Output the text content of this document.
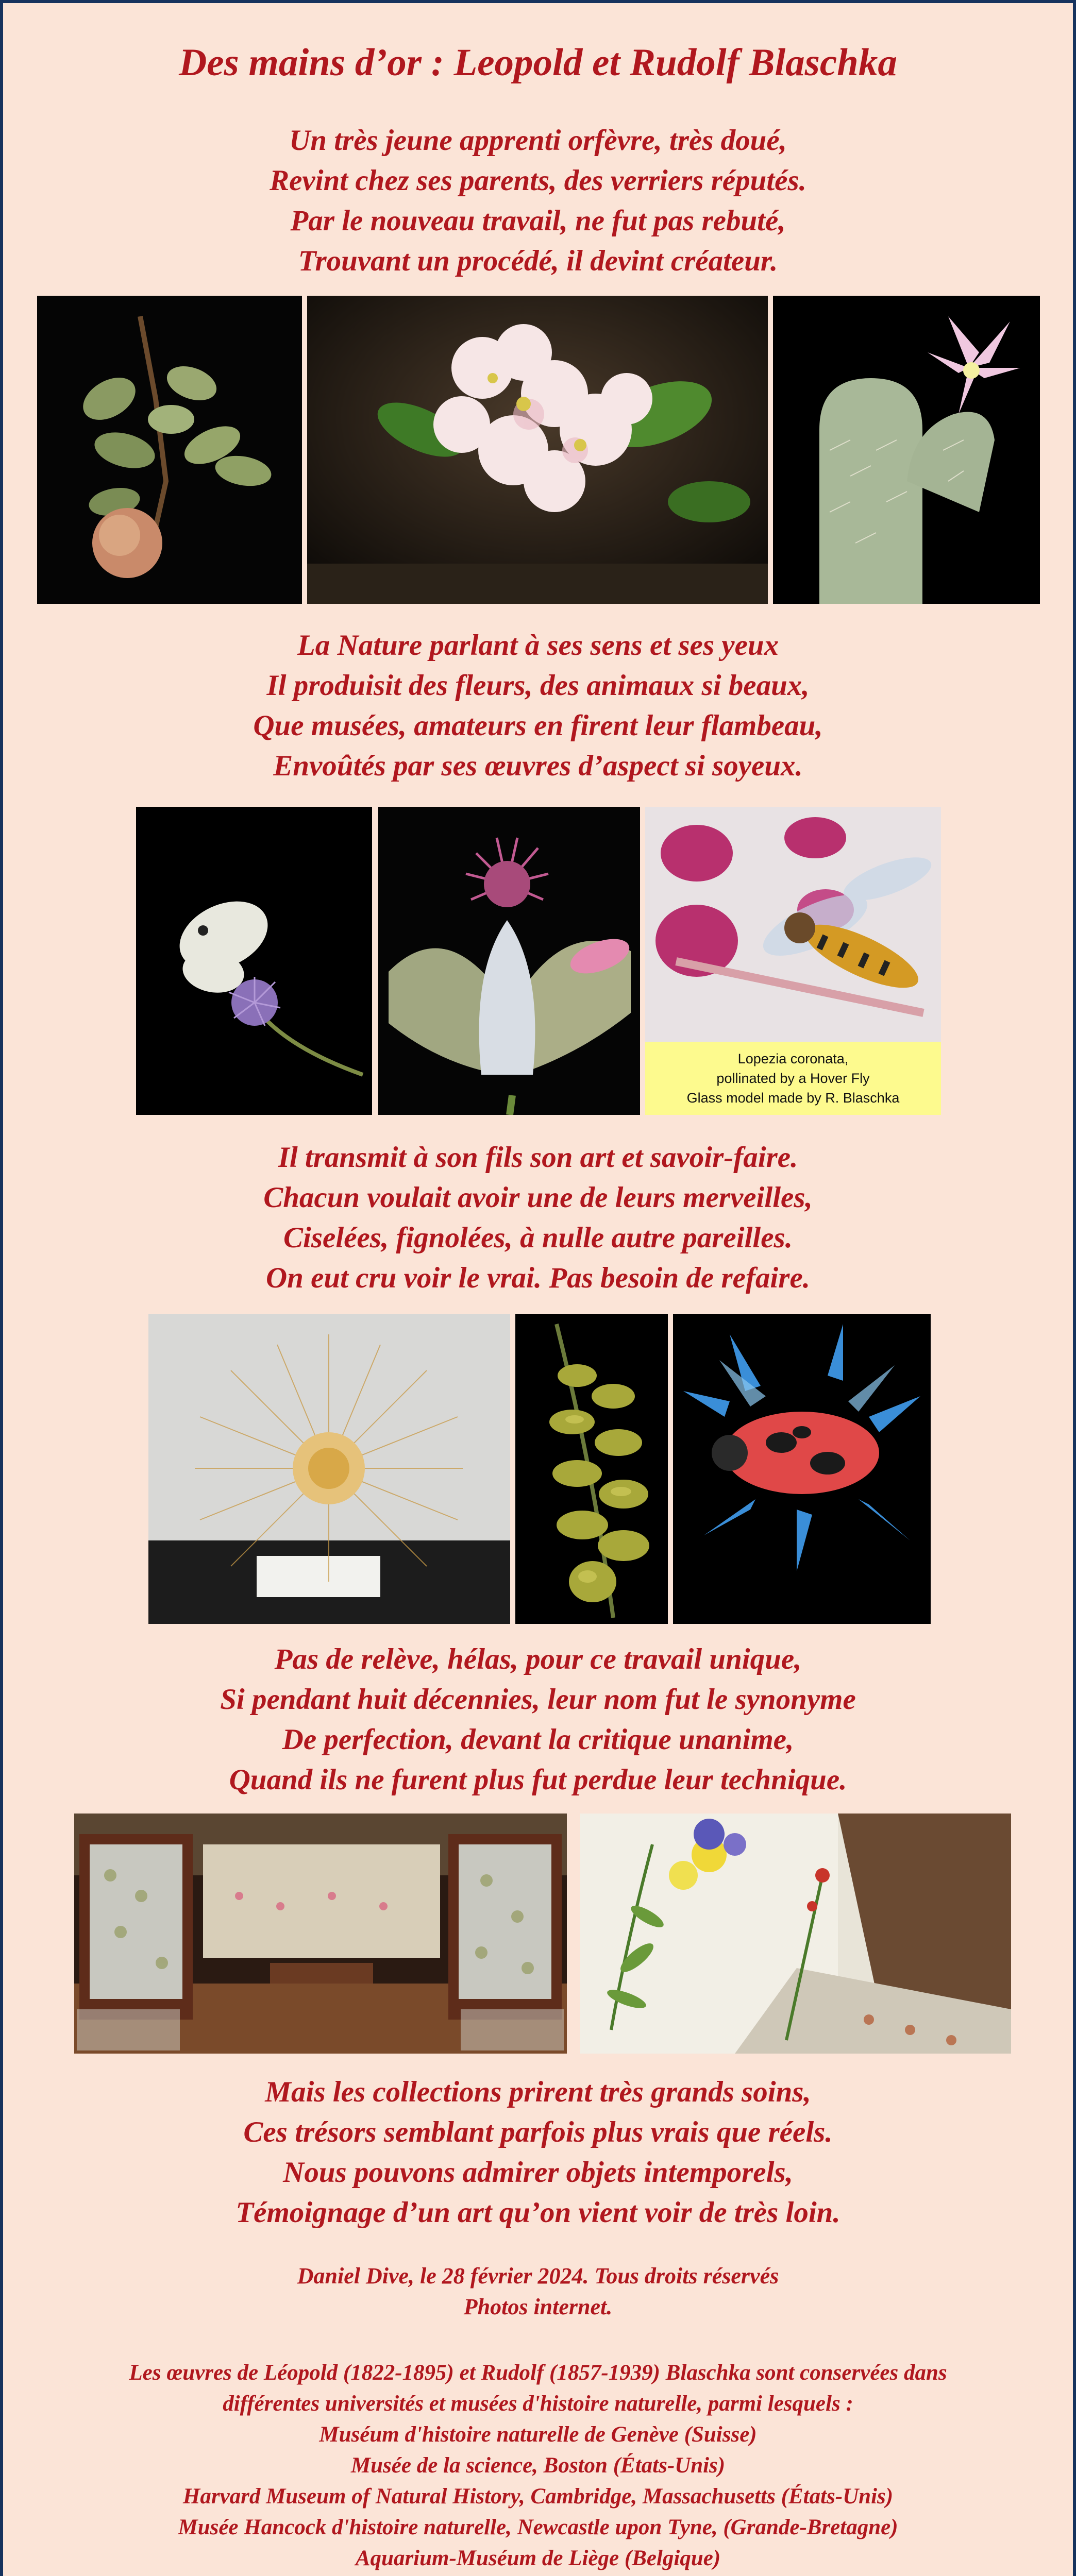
Des mains d’or : Leopold et Rudolf Blaschka
Un très jeune apprenti orfèvre, très doué,
Revint chez ses parents, des verriers réputés.
Par le nouveau travail, ne fut pas rebuté,
Trouvant un procédé, il devint créateur.
La Nature parlant à ses sens et ses yeux
Il produisit des fleurs, des animaux si beaux,
Que musées, amateurs en firent leur flambeau,
Envoûtés par ses œuvres d’aspect si soyeux.
Lopezia coronata,
pollinated by a Hover Fly
Glass model made by R. Blaschka
Il transmit à son fils son art et savoir-faire.
Chacun voulait avoir une de leurs merveilles,
Ciselées, fignolées, à nulle autre pareilles.
On eut cru voir le vrai. Pas besoin de refaire.
Pas de relève, hélas, pour ce travail unique,
Si pendant huit décennies, leur nom fut le synonyme
De perfection, devant la critique unanime,
Quand ils ne furent plus fut perdue leur technique.
Mais les collections prirent très grands soins,
Ces trésors semblant parfois plus vrais que réels.
Nous pouvons admirer objets intemporels,
Témoignage d’un art qu’on vient voir de très loin.
Daniel Dive, le 28 février 2024. Tous droits réservés
Photos internet.
Les œuvres de Léopold (1822-1895) et Rudolf (1857-1939) Blaschka sont conservées dans
différentes universités et musées d'histoire naturelle, parmi lesquels :
Muséum d'histoire naturelle de Genève (Suisse)
Musée de la science, Boston (États-Unis)
Harvard Museum of Natural History, Cambridge, Massachusetts (États-Unis)
Musée Hancock d'histoire naturelle, Newcastle upon Tyne, (Grande-Bretagne)
Aquarium-Muséum de Liège (Belgique)
